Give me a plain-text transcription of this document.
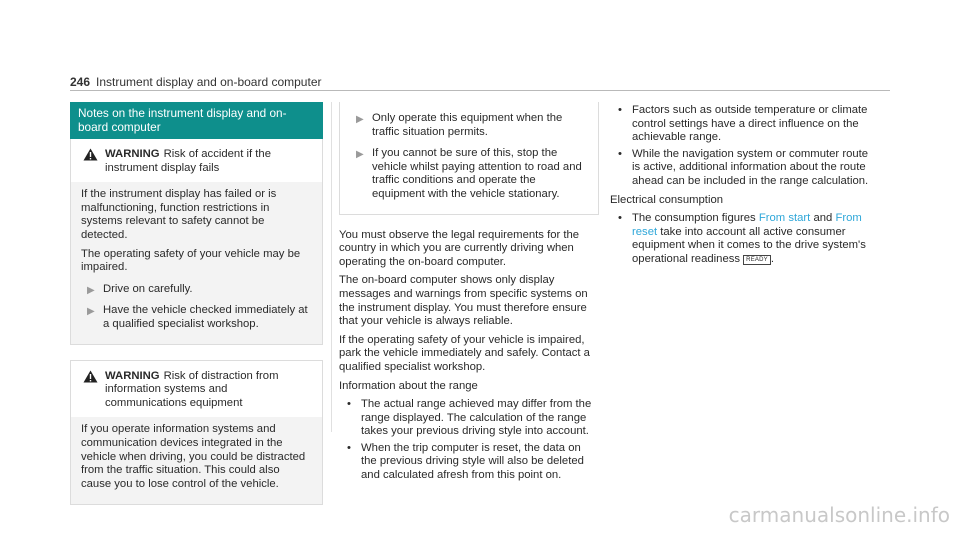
246 Instrument display and on-board computer
Notes on the instrument display and on-board computer
WARNING Risk of accident if the instrument display fails

If the instrument display has failed or is malfunctioning, function restrictions in systems relevant to safety cannot be detected.

The operating safety of your vehicle may be impaired.

▶ Drive on carefully.
▶ Have the vehicle checked immediately at a qualified specialist workshop.
WARNING Risk of distraction from information systems and communications equipment

If you operate information systems and communication devices integrated in the vehicle when driving, you could be distracted from the traffic situation. This could also cause you to lose control of the vehicle.

▶ Only operate this equipment when the traffic situation permits.
▶ If you cannot be sure of this, stop the vehicle whilst paying attention to road and traffic conditions and operate the equipment with the vehicle stationary.

You must observe the legal requirements for the country in which you are currently driving when operating the on-board computer.

The on-board computer shows only display messages and warnings from specific systems on the instrument display. You must therefore ensure that your vehicle is always reliable.

If the operating safety of your vehicle is impaired, park the vehicle immediately and safely. Contact a qualified specialist workshop.

Information about the range

• The actual range achieved may differ from the range displayed. The calculation of the range takes your previous driving style into account.
• When the trip computer is reset, the data on the previous driving style will also be deleted and calculated afresh from this point on.
• Factors such as outside temperature or climate control settings have a direct influence on the achievable range.
• While the navigation system or commuter route is active, additional information about the route ahead can be included in the range calculation.

Electrical consumption

• The consumption figures From start and From reset take into account all active consumer equipment when it comes to the drive system's operational readiness READY .
carmanualsonline.info
